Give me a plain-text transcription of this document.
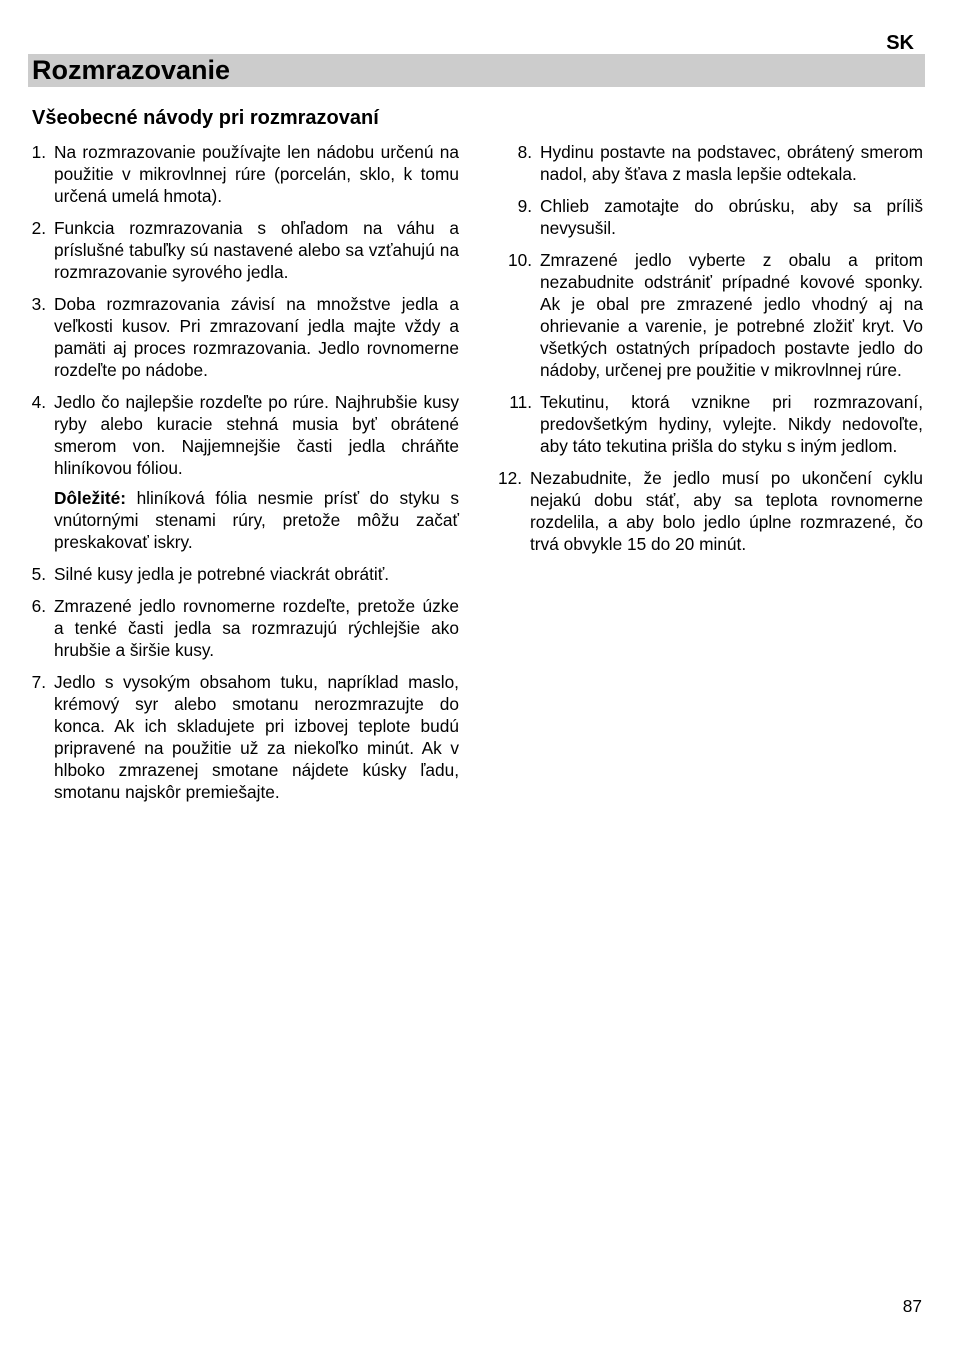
SK
Rozmrazovanie
Všeobecné návody pri rozmrazovaní
1. Na rozmrazovanie používajte len nádobu určenú na použitie v mikrovlnnej rúre (porcelán, sklo, k tomu určená umelá hmota).
2. Funkcia rozmrazovania s ohľadom na váhu a príslušné tabuľky sú nastavené alebo sa vzťahujú na rozmrazovanie syrového jedla.
3. Doba rozmrazovania závisí na množstve jedla a veľkosti kusov. Pri zmrazovaní jedla majte vždy a pamäti aj proces rozmrazovania. Jedlo rovnomerne rozdeľte po nádobe.
4. Jedlo čo najlepšie rozdeľte po rúre. Najhrubšie kusy ryby alebo kuracie stehná musia byť obrátené smerom von. Najjemnejšie časti jedla chráňte hliníkovou fóliou.
Dôležité: hliníková fólia nesmie prísť do styku s vnútornými stenami rúry, pretože môžu začať preskakovať iskry.
5. Silné kusy jedla je potrebné viackrát obrátiť.
6. Zmrazené jedlo rovnomerne rozdeľte, pretože úzke a tenké časti jedla sa rozmrazujú rýchlejšie ako hrubšie a širšie kusy.
7. Jedlo s vysokým obsahom tuku, napríklad maslo, krémový syr alebo smotanu nerozmrazujte do konca. Ak ich skladujete pri izbovej teplote budú pripravené na použitie už za niekoľko minút. Ak v hlboko zmrazenej smotane nájdete kúsky ľadu, smotanu najskôr premiešajte.
8. Hydinu postavte na podstavec, obrátený smerom nadol, aby šťava z masla lepšie odtekala.
9. Chlieb zamotajte do obrúsku, aby sa príliš nevysušil.
10. Zmrazené jedlo vyberte z obalu a pritom nezabudnite odstrániť prípadné kovové sponky. Ak je obal pre zmrazené jedlo vhodný aj na ohrievanie a varenie, je potrebné zložiť kryt. Vo všetkých ostatných prípadoch postavte jedlo do nádoby, určenej pre použitie v mikrovlnnej rúre.
11. Tekutinu, ktorá vznikne pri rozmrazovaní, predovšetkým hydiny, vylejte. Nikdy nedovoľte, aby táto tekutina prišla do styku s iným jedlom.
12. Nezabudnite, že jedlo musí po ukončení cyklu nejakú dobu stáť, aby sa teplota rovnomerne rozdelila, a aby bolo jedlo úplne rozmrazené, čo trvá obvykle 15 do 20 minút.
87
